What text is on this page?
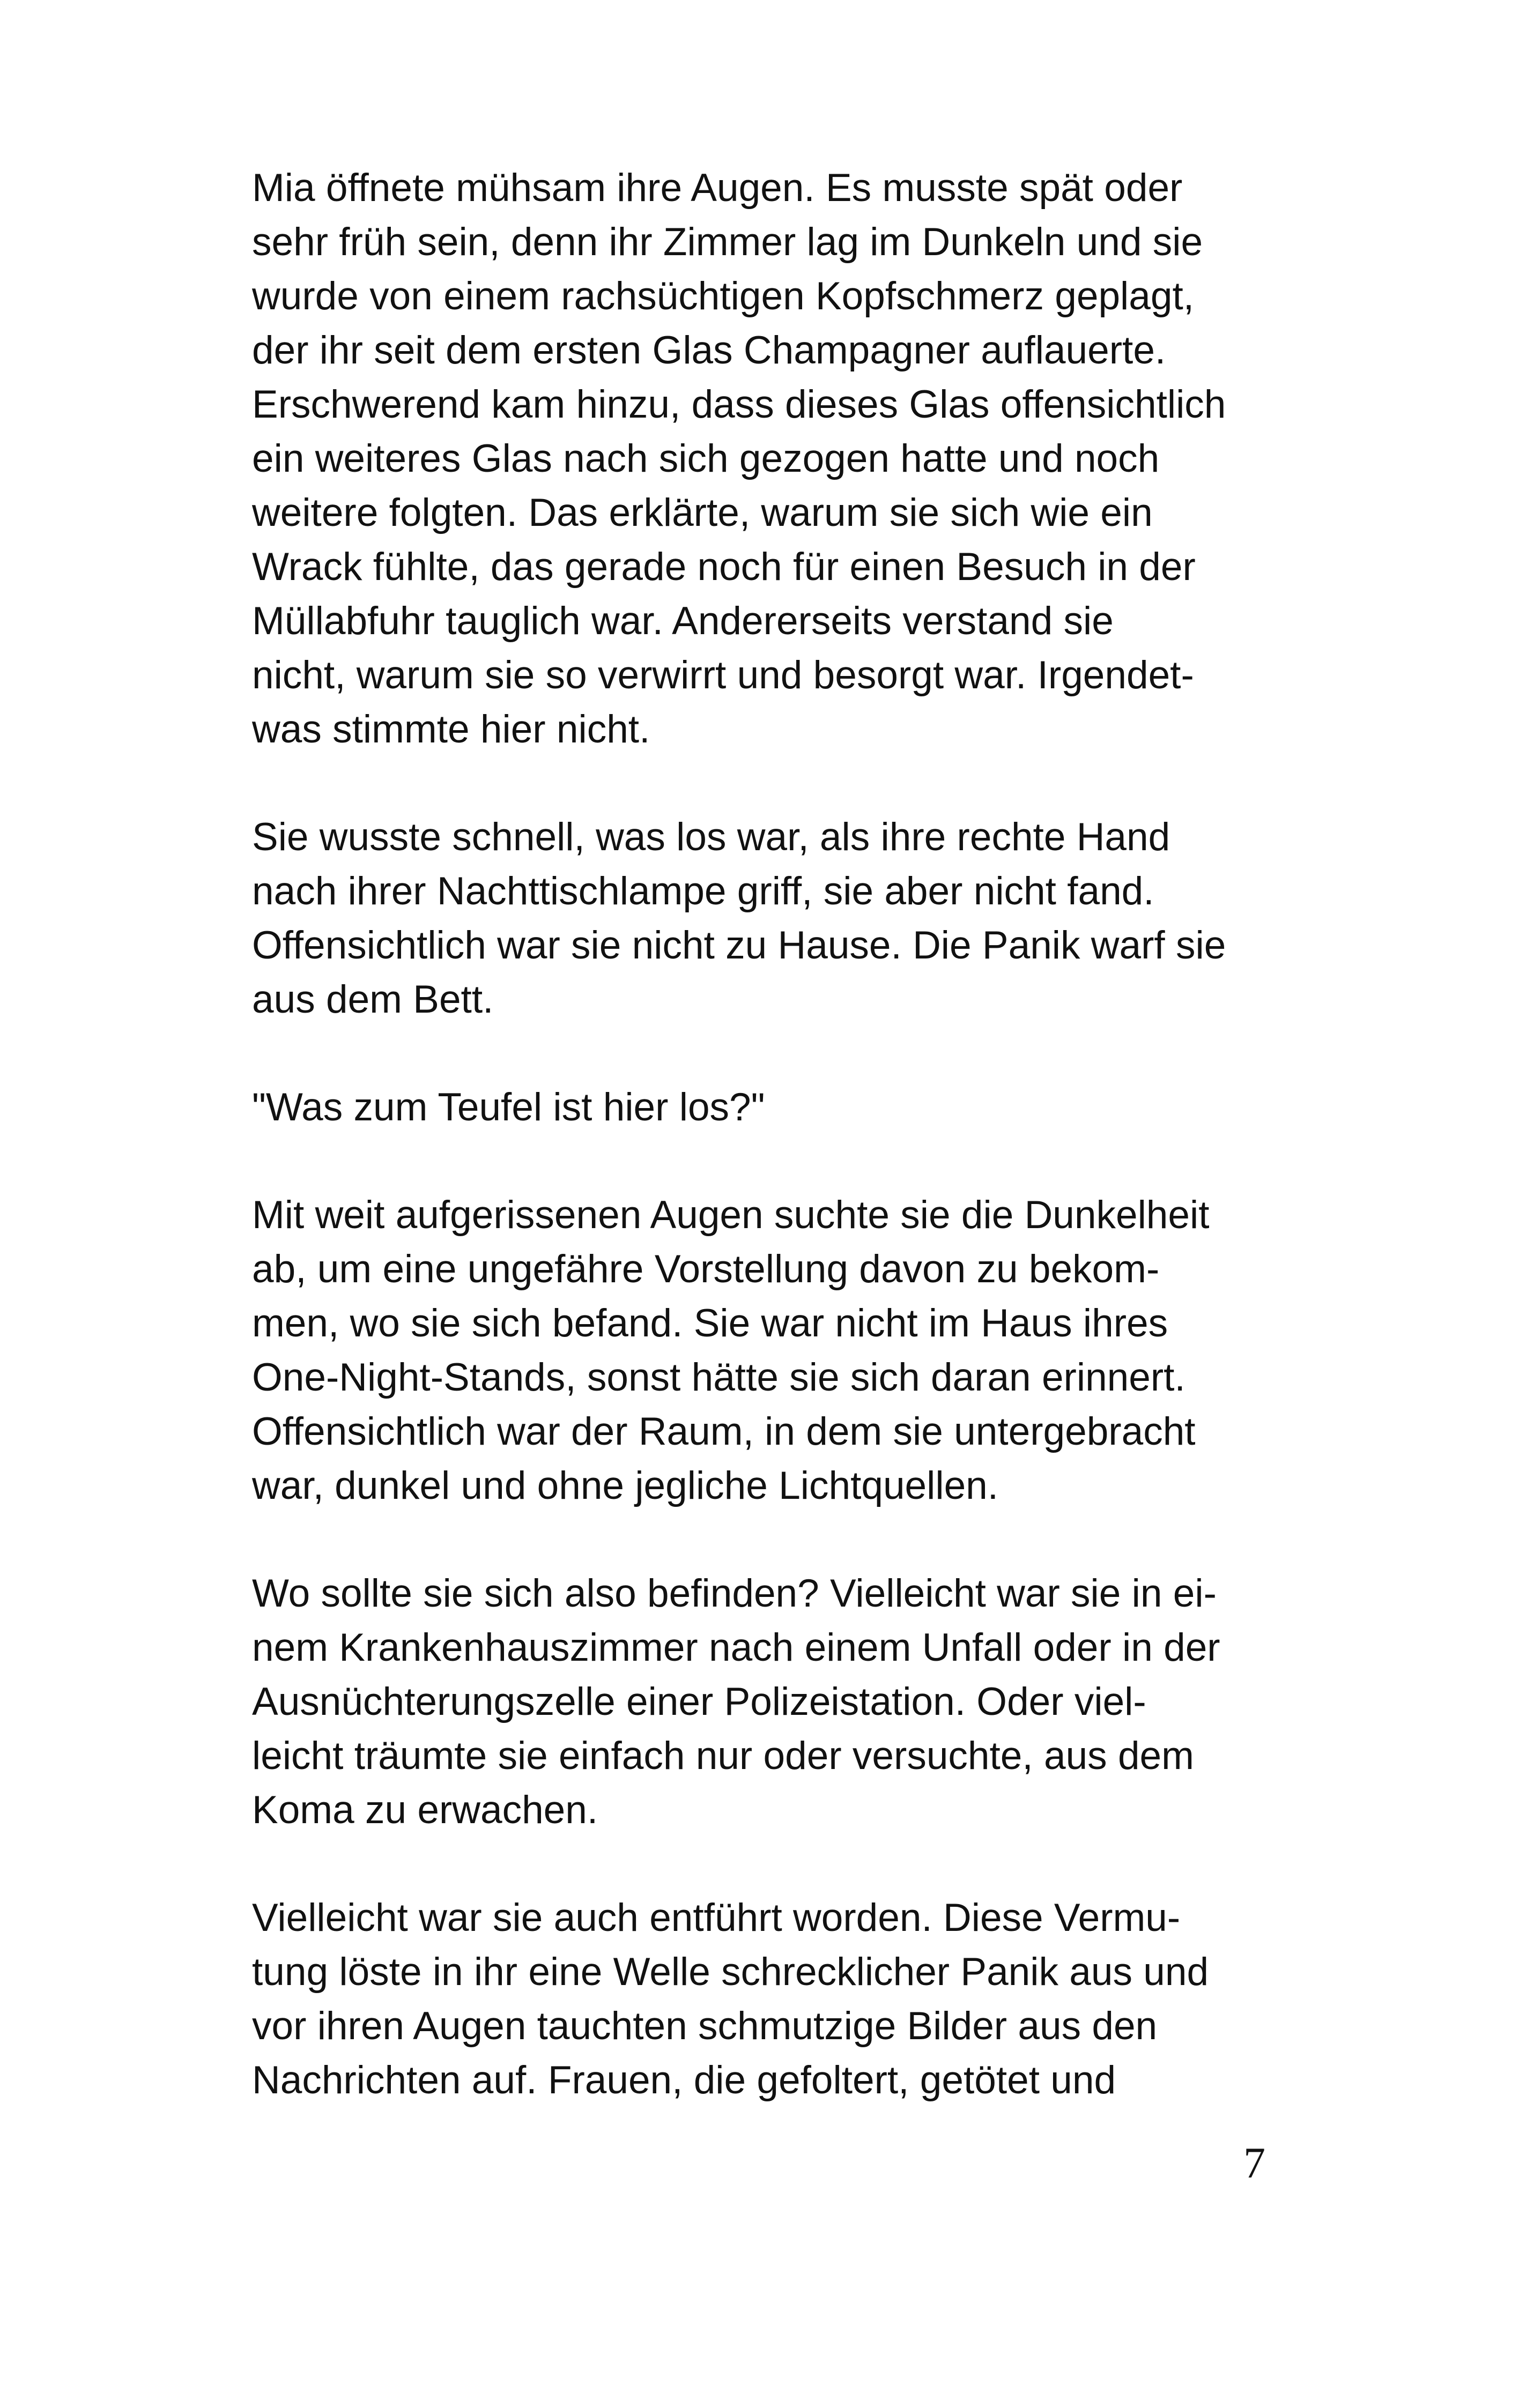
Mia öffnete mühsam ihre Augen. Es musste spät oder
sehr früh sein, denn ihr Zimmer lag im Dunkeln und sie
wurde von einem rachsüchtigen Kopfschmerz geplagt,
der ihr seit dem ersten Glas Champagner auflauerte.
Erschwerend kam hinzu, dass dieses Glas offensichtlich
ein weiteres Glas nach sich gezogen hatte und noch
weitere folgten. Das erklärte, warum sie sich wie ein
Wrack fühlte, das gerade noch für einen Besuch in der
Müllabfuhr tauglich war. Andererseits verstand sie
nicht, warum sie so verwirrt und besorgt war. Irgendet-
was stimmte hier nicht.
Sie wusste schnell, was los war, als ihre rechte Hand
nach ihrer Nachttischlampe griff, sie aber nicht fand.
Offensichtlich war sie nicht zu Hause. Die Panik warf sie
aus dem Bett.
"Was zum Teufel ist hier los?"
Mit weit aufgerissenen Augen suchte sie die Dunkelheit
ab, um eine ungefähre Vorstellung davon zu bekom-
men, wo sie sich befand. Sie war nicht im Haus ihres
One-Night-Stands, sonst hätte sie sich daran erinnert.
Offensichtlich war der Raum, in dem sie untergebracht
war, dunkel und ohne jegliche Lichtquellen.
Wo sollte sie sich also befinden? Vielleicht war sie in ei-
nem Krankenhauszimmer nach einem Unfall oder in der
Ausnüchterungszelle einer Polizeistation. Oder viel-
leicht träumte sie einfach nur oder versuchte, aus dem
Koma zu erwachen.
Vielleicht war sie auch entführt worden. Diese Vermu-
tung löste in ihr eine Welle schrecklicher Panik aus und
vor ihren Augen tauchten schmutzige Bilder aus den
Nachrichten auf. Frauen, die gefoltert, getötet und
7
